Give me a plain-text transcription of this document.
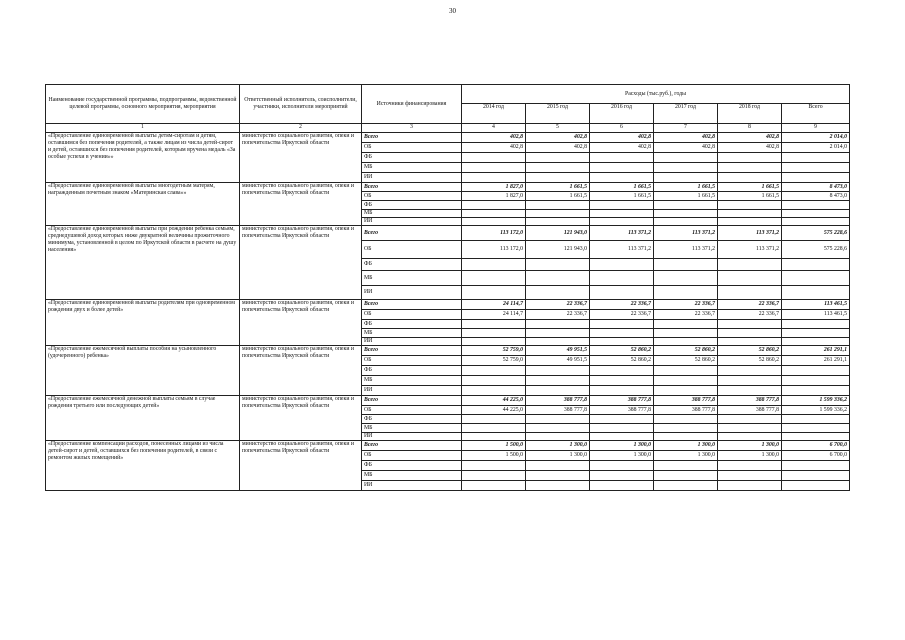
30
Наименование государственной программы, подпрограммы, ведомственной целевой программы, основного мероприятия, мероприятия	Ответственный исполнитель, соисполнители, участники, исполнители мероприятий	Источники финансирования	Расходы (тыс.руб.), годы					
			2014 год	2015 год	2016 год	2017 год	2018 год	Всего
1	2	3	4	5	6	7	8	9
«Предоставление единовременной выплаты детям-сиротам и детям, оставшимся без попечения родителей, а также лицам из числа детей-сирот и детей, оставшихся без попечения родителей, которым вручена медаль «За особые успехи в учении»»	министерство социального развития, опеки и попечительства Иркутской области	Всего	402,8	402,8	402,8	402,8	402,8	2 014,0
		ОБ	402,8	402,8	402,8	402,8	402,8	2 014,0
		ФБ						
		МБ						
		ИИ						
«Предоставление единовременной выплаты многодетным матерям, награжденным почетным знаком «Материнская слава»»	министерство социального развития, опеки и попечительства Иркутской области	Всего	1 827,0	1 661,5	1 661,5	1 661,5	1 661,5	8 473,0
		ОБ	1 827,0	1 661,5	1 661,5	1 661,5	1 661,5	8 473,0
		ФБ						
		МБ						
		ИИ						
«Предоставление единовременной выплаты при рождении ребенка семьям, среднедушевой доход которых ниже двукратной величины прожиточного минимума, установленной в целом по Иркутской области в расчете на душу населения»	министерство социального развития, опеки и попечительства Иркутской области	Всего	113 172,0	121 943,0	113 371,2	113 371,2	113 371,2	575 228,6
		ОБ	113 172,0	121 943,0	113 371,2	113 371,2	113 371,2	575 228,6
		ФБ						
		МБ						
		ИИ						
«Предоставление единовременной выплаты родителям при одновременном рождении двух и более детей»	министерство социального развития, опеки и попечительства Иркутской области	Всего	24 114,7	22 336,7	22 336,7	22 336,7	22 336,7	113 461,5
		ОБ	24 114,7	22 336,7	22 336,7	22 336,7	22 336,7	113 461,5
		ФБ						
		МБ						
		ИИ						
«Предоставление ежемесячной выплаты пособия на усыновленного (удочеренного) ребенка»	министерство социального развития, опеки и попечительства Иркутской области	Всего	52 759,0	49 951,5	52 860,2	52 860,2	52 860,2	261 291,1
		ОБ	52 759,0	49 951,5	52 860,2	52 860,2	52 860,2	261 291,1
		ФБ						
		МБ						
		ИИ						
«Предоставление ежемесячной денежной выплаты семьям в случае рождения третьего или последующих детей»	министерство социального развития, опеки и попечительства Иркутской области	Всего	44 225,0	388 777,8	388 777,8	388 777,8	388 777,8	1 599 336,2
		ОБ	44 225,0	388 777,8	388 777,8	388 777,8	388 777,8	1 599 336,2
		ФБ						
		МБ						
		ИИ						
«Предоставление компенсации расходов, понесенных лицами из числа детей-сирот и детей, оставшихся без попечения родителей, в связи с ремонтом жилых помещений»	министерство социального развития, опеки и попечительства Иркутской области	Всего	1 500,0	1 300,0	1 300,0	1 300,0	1 300,0	6 700,0
		ОБ	1 500,0	1 300,0	1 300,0	1 300,0	1 300,0	6 700,0
		ФБ						
		МБ						
		ИИ						
